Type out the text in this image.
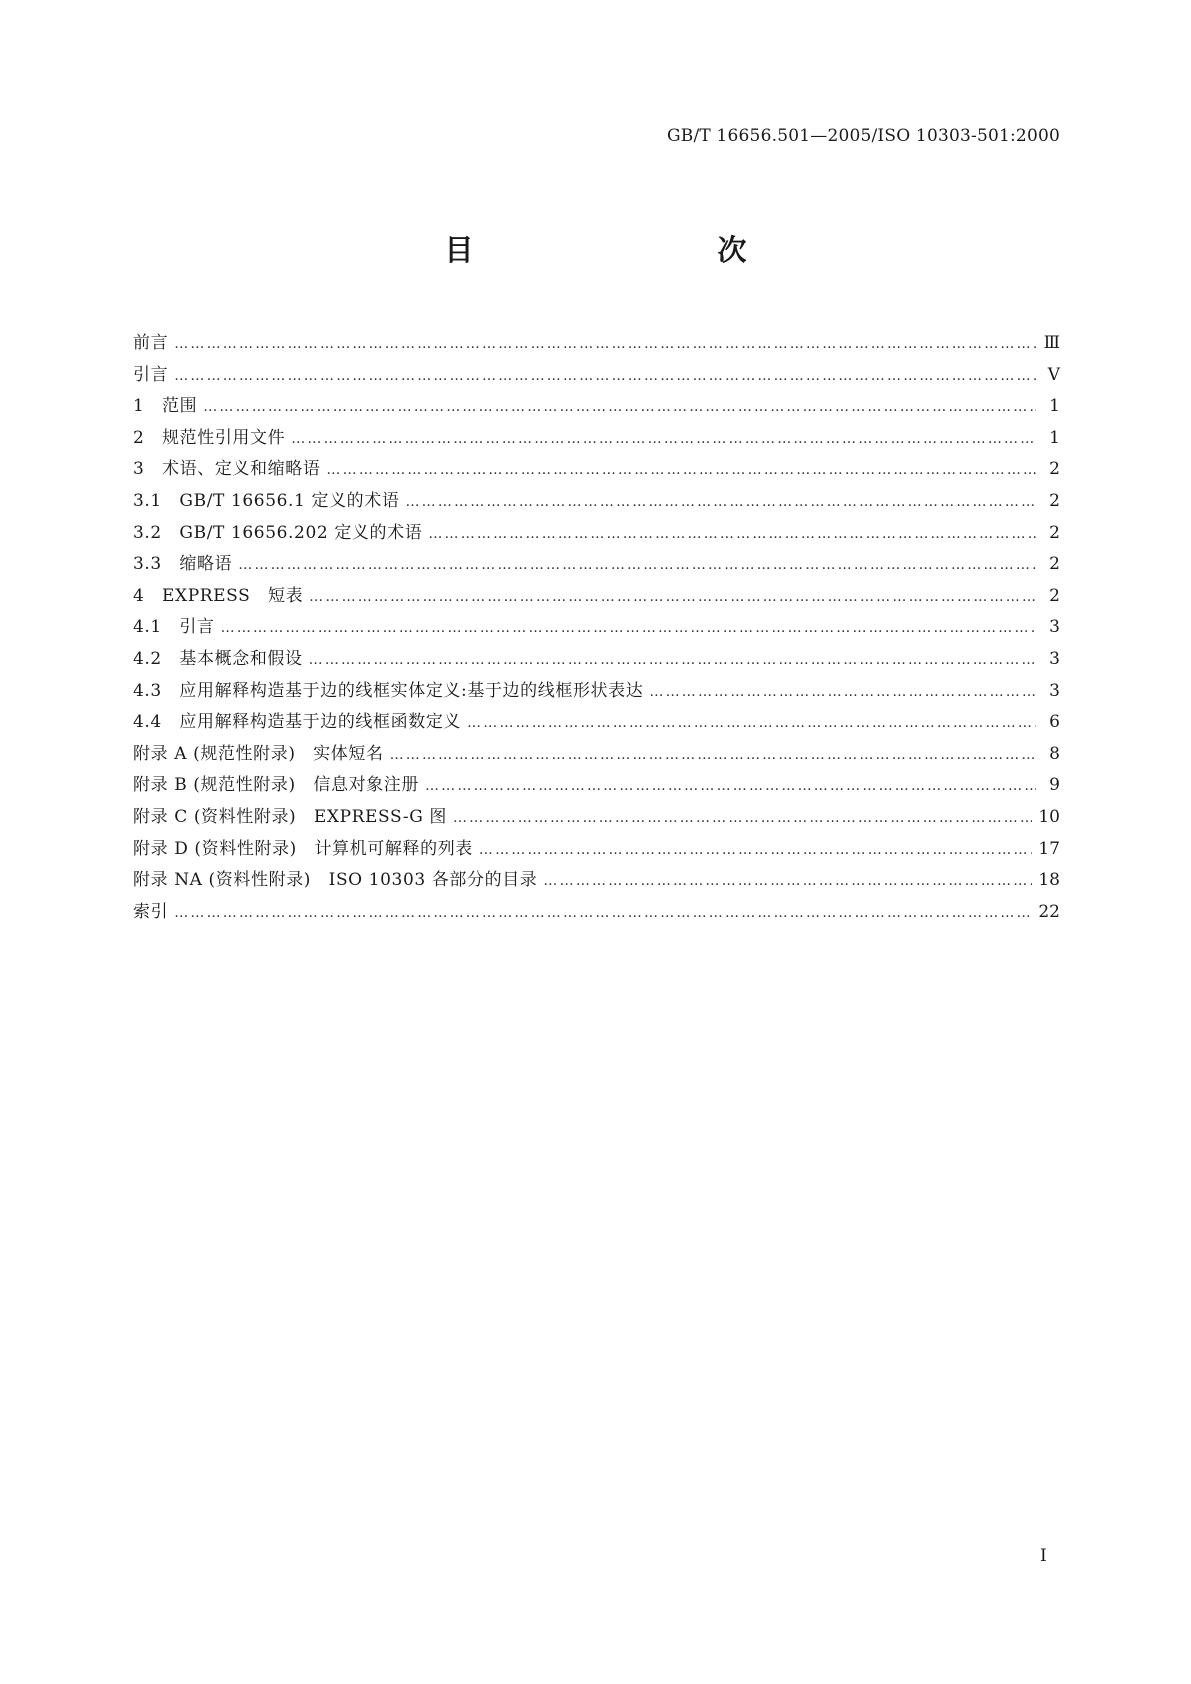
GB/T 16656.501—2005/ISO 10303-501:2000
目　　次
前言 …………………………………………………………………………………………………………………………………………………………………………………………………………	Ⅲ
引言 …………………………………………………………………………………………………………………………………………………………………………………………………………	Ⅴ
1　范围 …………………………………………………………………………………………………………………………………………………………………………………………………………	1
2　规范性引用文件 …………………………………………………………………………………………………………………………………………………………………………………………………………	1
3　术语、定义和缩略语 …………………………………………………………………………………………………………………………………………………………………………………………………………	2
3.1　GB/T 16656.1 定义的术语 …………………………………………………………………………………………………………………………………………………………………………………………………………	2
3.2　GB/T 16656.202 定义的术语 …………………………………………………………………………………………………………………………………………………………………………………………………………	2
3.3　缩略语 …………………………………………………………………………………………………………………………………………………………………………………………………………	2
4　EXPRESS　短表 …………………………………………………………………………………………………………………………………………………………………………………………………………	2
4.1　引言 …………………………………………………………………………………………………………………………………………………………………………………………………………	3
4.2　基本概念和假设 …………………………………………………………………………………………………………………………………………………………………………………………………………	3
4.3　应用解释构造基于边的线框实体定义:基于边的线框形状表达 …………………………………………………………………………………………………………………………………………………………………………………………………………	3
4.4　应用解释构造基于边的线框函数定义 …………………………………………………………………………………………………………………………………………………………………………………………………………	6
附录 A (规范性附录)　实体短名 …………………………………………………………………………………………………………………………………………………………………………………………………………	8
附录 B (规范性附录)　信息对象注册 …………………………………………………………………………………………………………………………………………………………………………………………………………	9
附录 C (资料性附录)　EXPRESS-G 图 …………………………………………………………………………………………………………………………………………………………………………………………………………	10
附录 D (资料性附录)　计算机可解释的列表 …………………………………………………………………………………………………………………………………………………………………………………………………………	17
附录 NA (资料性附录)　ISO 10303 各部分的目录 …………………………………………………………………………………………………………………………………………………………………………………………………………	18
索引 …………………………………………………………………………………………………………………………………………………………………………………………………………	22
I
